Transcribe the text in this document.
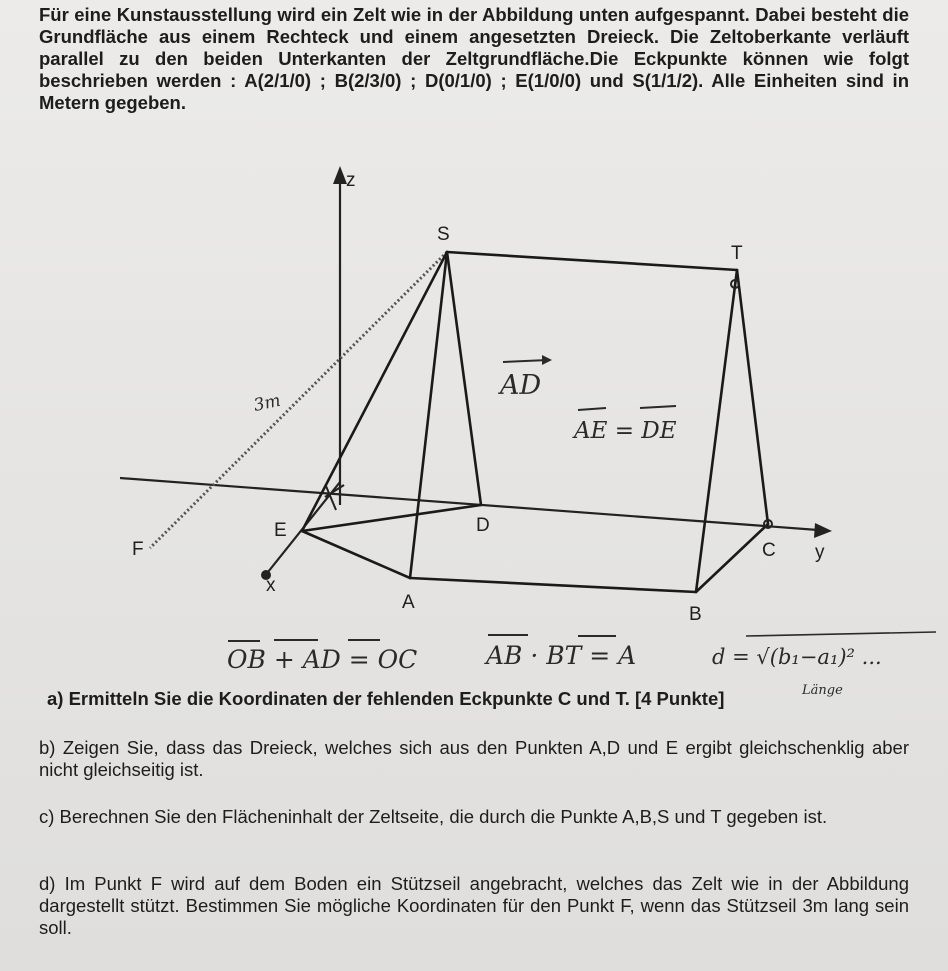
Für eine Kunstausstellung wird ein Zelt wie in der Abbildung unten aufgespannt. Dabei besteht die Grundfläche aus einem Rechteck und einem angesetzten Dreieck. Die Zeltoberkante verläuft parallel zu den beiden Unterkanten der Zeltgrundfläche.Die Eckpunkte können wie folgt beschrieben werden : A(2/1/0) ; B(2/3/0) ; D(0/1/0) ; E(1/0/0) und S(1/1/2). Alle Einheiten sind in Metern gegeben.
z
y
x
S
T
E	D
C
A
B
F
3m
AD
AE = DE
OB + AD = OC	AB · BT = A	d = √(b₁−a₁)² ...
Länge
a) Ermitteln Sie die Koordinaten der fehlenden Eckpunkte C und T. [4 Punkte]
b) Zeigen Sie, dass das Dreieck, welches sich aus den Punkten A,D und E ergibt gleichschenklig aber nicht gleichseitig ist.
c) Berechnen Sie den Flächeninhalt der Zeltseite, die durch die Punkte A,B,S und T gegeben ist.
d) Im Punkt F wird auf dem Boden ein Stützseil angebracht, welches das Zelt wie in der Abbildung dargestellt stützt. Bestimmen Sie mögliche Koordinaten für den Punkt F, wenn das Stützseil 3m lang sein soll.
